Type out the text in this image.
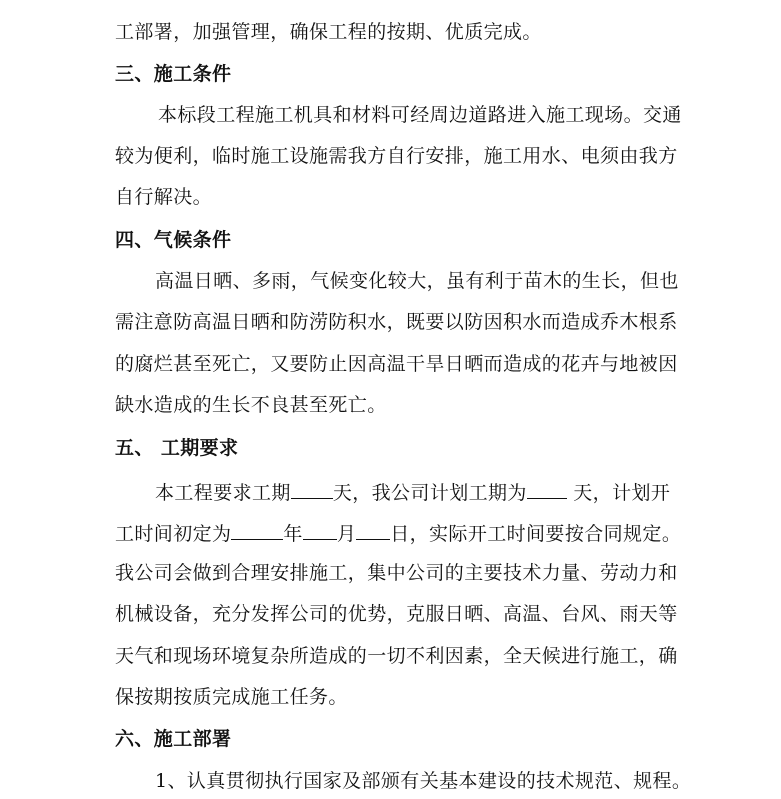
工部署，加强管理，确保工程的按期、优质完成。
三、施工条件
本标段工程施工机具和材料可经周边道路进入施工现场。交通
较为便利，临时施工设施需我方自行安排，施工用水、电须由我方
自行解决。
四、气候条件
高温日晒、多雨，气候变化较大，虽有利于苗木的生长，但也
需注意防高温日晒和防涝防积水，既要以防因积水而造成乔木根系
的腐烂甚至死亡，又要防止因高温干旱日晒而造成的花卉与地被因
缺水造成的生长不良甚至死亡。
五、 工期要求
本工程要求工期 天，我公司计划工期为 天，计划开
工时间初定为	年 月 日，实际开工时间要按合同规定。
我公司会做到合理安排施工，集中公司的主要技术力量、劳动力和
机械设备，充分发挥公司的优势，克服日晒、高温、台风、雨天等
天气和现场环境复杂所造成的一切不利因素，全天候进行施工，确
保按期按质完成施工任务。
六、施工部署
1、认真贯彻执行国家及部颁有关基本建设的技术规范、规程。
